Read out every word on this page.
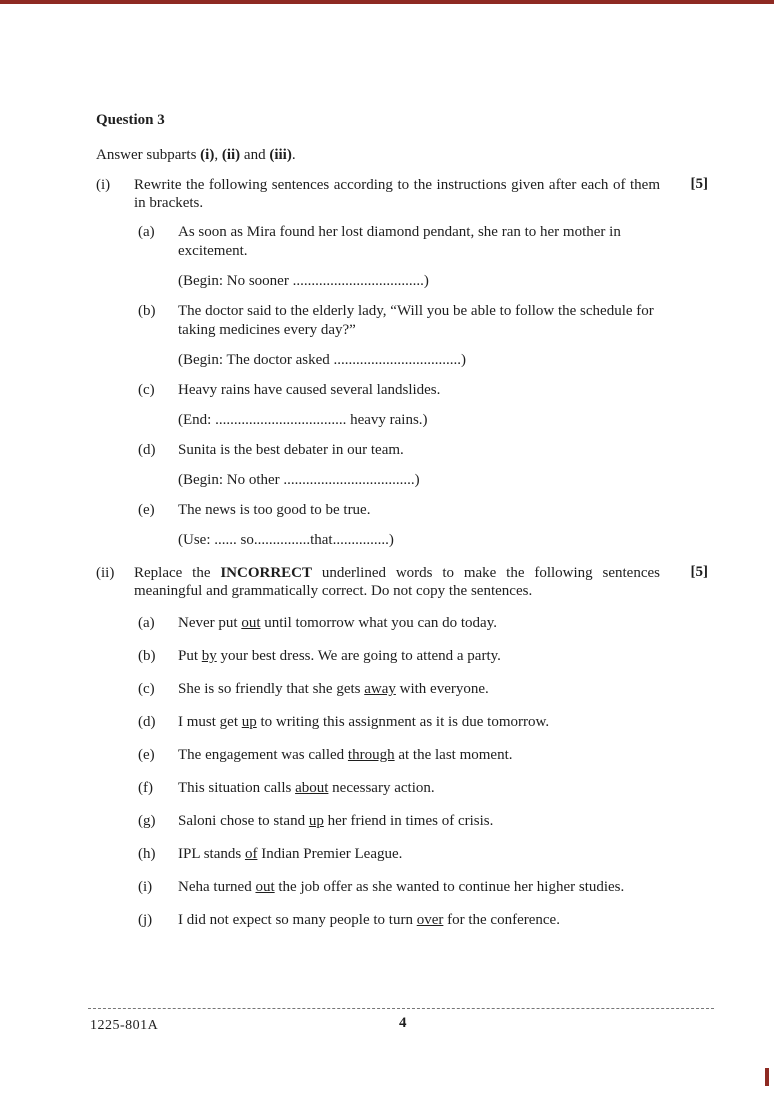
Question 3
Answer subparts (i), (ii) and (iii).
(i)	Rewrite the following sentences according to the instructions given after each of them in brackets.
[5]
(a)	As soon as Mira found her lost diamond pendant, she ran to her mother in excitement.
(Begin: No sooner ...................................)
(b)	The doctor said to the elderly lady, “Will you be able to follow the schedule for taking medicines every day?”
(Begin: The doctor asked ..................................)
(c)	Heavy rains have caused several landslides.
(End: ................................... heavy rains.)
(d)	Sunita is the best debater in our team.
(Begin: No other ...................................)
(e)	The news is too good to be true.
(Use: ...... so...............that...............)
(ii)	Replace the INCORRECT underlined words to make the following sentences meaningful and grammatically correct. Do not copy the sentences.
[5]
(a)	Never put out until tomorrow what you can do today.
(b)	Put by your best dress. We are going to attend a party.
(c)	She is so friendly that she gets away with everyone.
(d)	I must get up to writing this assignment as it is due tomorrow.
(e)	The engagement was called through at the last moment.
(f)	This situation calls about necessary action.
(g)	Saloni chose to stand up her friend in times of crisis.
(h)	IPL stands of Indian Premier League.
(i)	Neha turned out the job offer as she wanted to continue her higher studies.
(j)	I did not expect so many people to turn over for the conference.
1225-801A	4
